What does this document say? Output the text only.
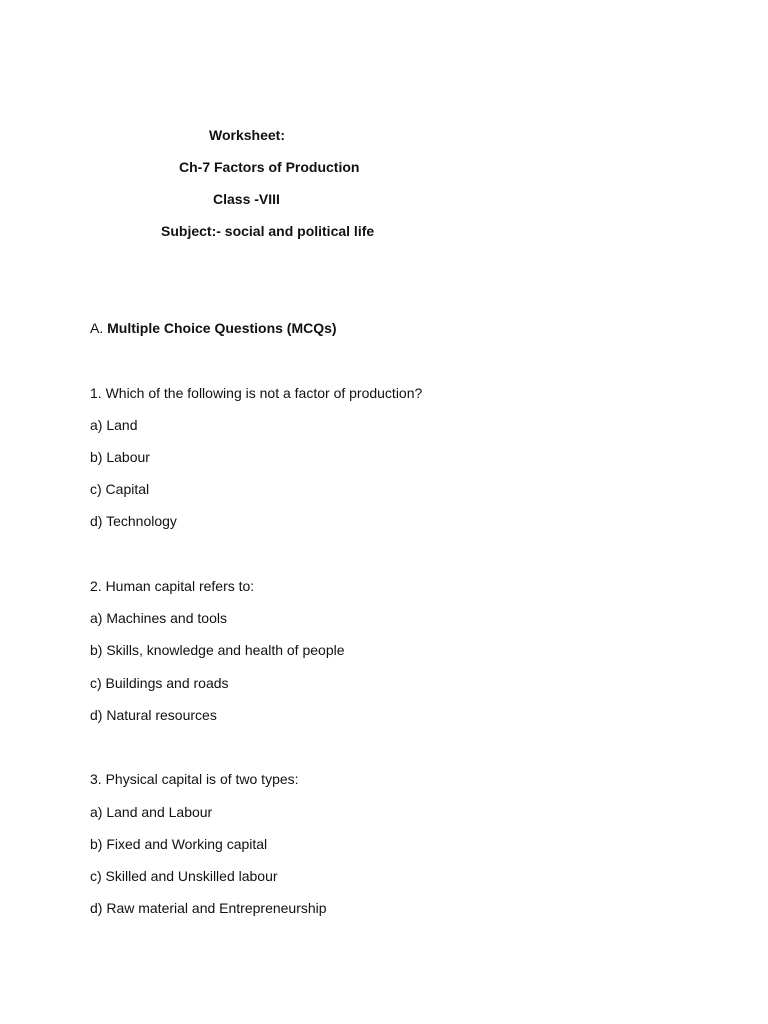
Worksheet:
Ch-7 Factors of Production
Class -VIII
Subject:- social and political life
A. Multiple Choice Questions (MCQs)
1. Which of the following is not a factor of production?
a) Land
b) Labour
c) Capital
d) Technology
2. Human capital refers to:
a) Machines and tools
b) Skills, knowledge and health of people
c) Buildings and roads
d) Natural resources
3. Physical capital is of two types:
a) Land and Labour
b) Fixed and Working capital
c) Skilled and Unskilled labour
d) Raw material and Entrepreneurship
